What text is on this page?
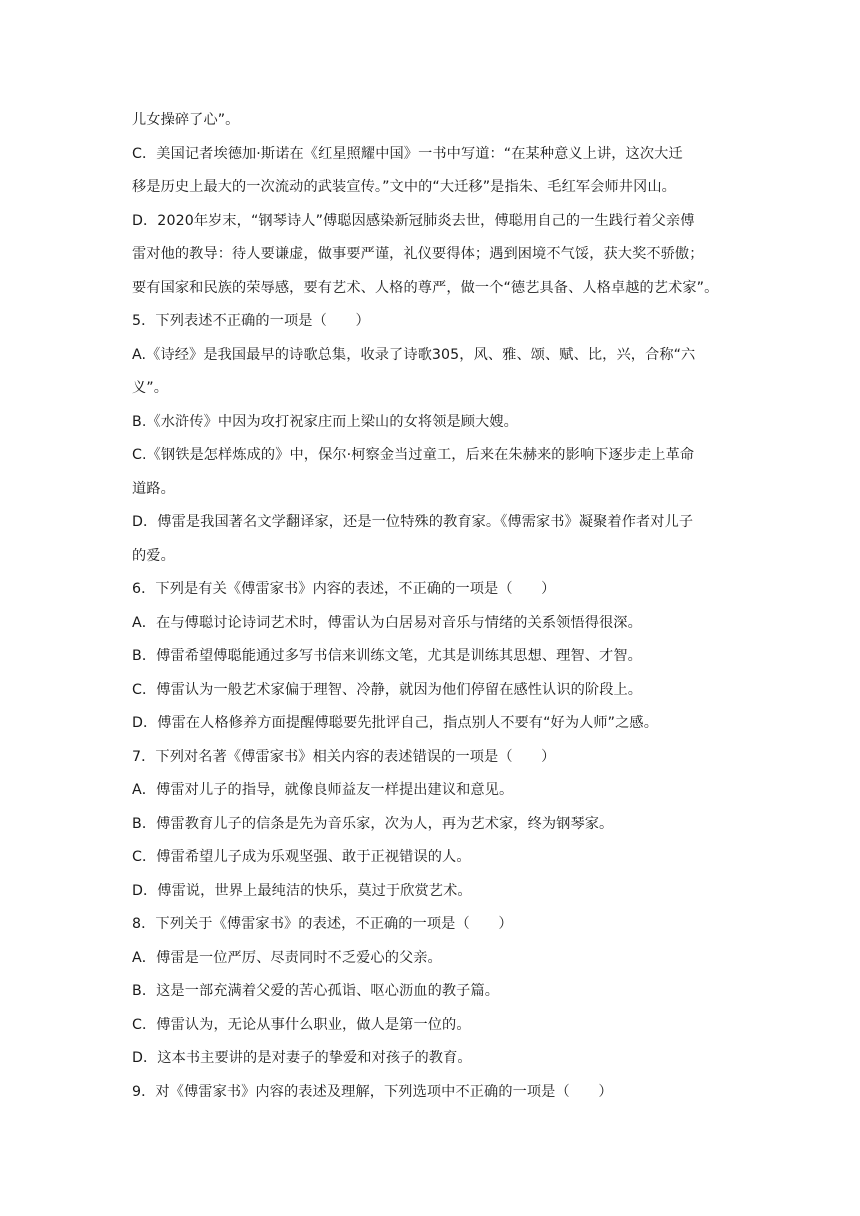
儿女操碎了心”。

C．美国记者埃德加·斯诺在《红星照耀中国》一书中写道：“在某种意义上讲，这次大迁

移是历史上最大的一次流动的武装宣传。”文中的“大迁移”是指朱、毛红军会师井冈山。

D．2020年岁末，“钢琴诗人”傅聪因感染新冠肺炎去世，傅聪用自己的一生践行着父亲傅

雷对他的教导：待人要谦虚，做事要严谨，礼仪要得体；遇到困境不气馁，获大奖不骄傲；

要有国家和民族的荣辱感，要有艺术、人格的尊严，做一个“德艺具备、人格卓越的艺术家”。

5．下列表述不正确的一项是（　　）

A.《诗经》是我国最早的诗歌总集，收录了诗歌305，风、雅、颂、赋、比，兴，合称“六

义”。

B.《水浒传》中因为攻打祝家庄而上梁山的女将领是顾大嫂。

C.《钢铁是怎样炼成的》中，保尔·柯察金当过童工，后来在朱赫来的影响下逐步走上革命

道路。

D．傅雷是我国著名文学翻译家，还是一位特殊的教育家。《傅需家书》凝聚着作者对儿子

的爱。

6．下列是有关《傅雷家书》内容的表述，不正确的一项是（　　）

A．在与傅聪讨论诗词艺术时，傅雷认为白居易对音乐与情绪的关系领悟得很深。

B．傅雷希望傅聪能通过多写书信来训练文笔，尤其是训练其思想、理智、才智。

C．傅雷认为一般艺术家偏于理智、冷静，就因为他们停留在感性认识的阶段上。

D．傅雷在人格修养方面提醒傅聪要先批评自己，指点别人不要有“好为人师”之感。

7．下列对名著《傅雷家书》相关内容的表述错误的一项是（　　）

A．傅雷对儿子的指导，就像良师益友一样提出建议和意见。

B．傅雷教育儿子的信条是先为音乐家，次为人，再为艺术家，终为钢琴家。

C．傅雷希望儿子成为乐观坚强、敢于正视错误的人。

D．傅雷说，世界上最纯洁的快乐，莫过于欣赏艺术。

8．下列关于《傅雷家书》的表述，不正确的一项是（　　）

A．傅雷是一位严厉、尽责同时不乏爱心的父亲。

B．这是一部充满着父爱的苦心孤诣、呕心沥血的教子篇。

C．傅雷认为，无论从事什么职业，做人是第一位的。

D．这本书主要讲的是对妻子的挚爱和对孩子的教育。

9．对《傅雷家书》内容的表述及理解，下列选项中不正确的一项是（　　）
